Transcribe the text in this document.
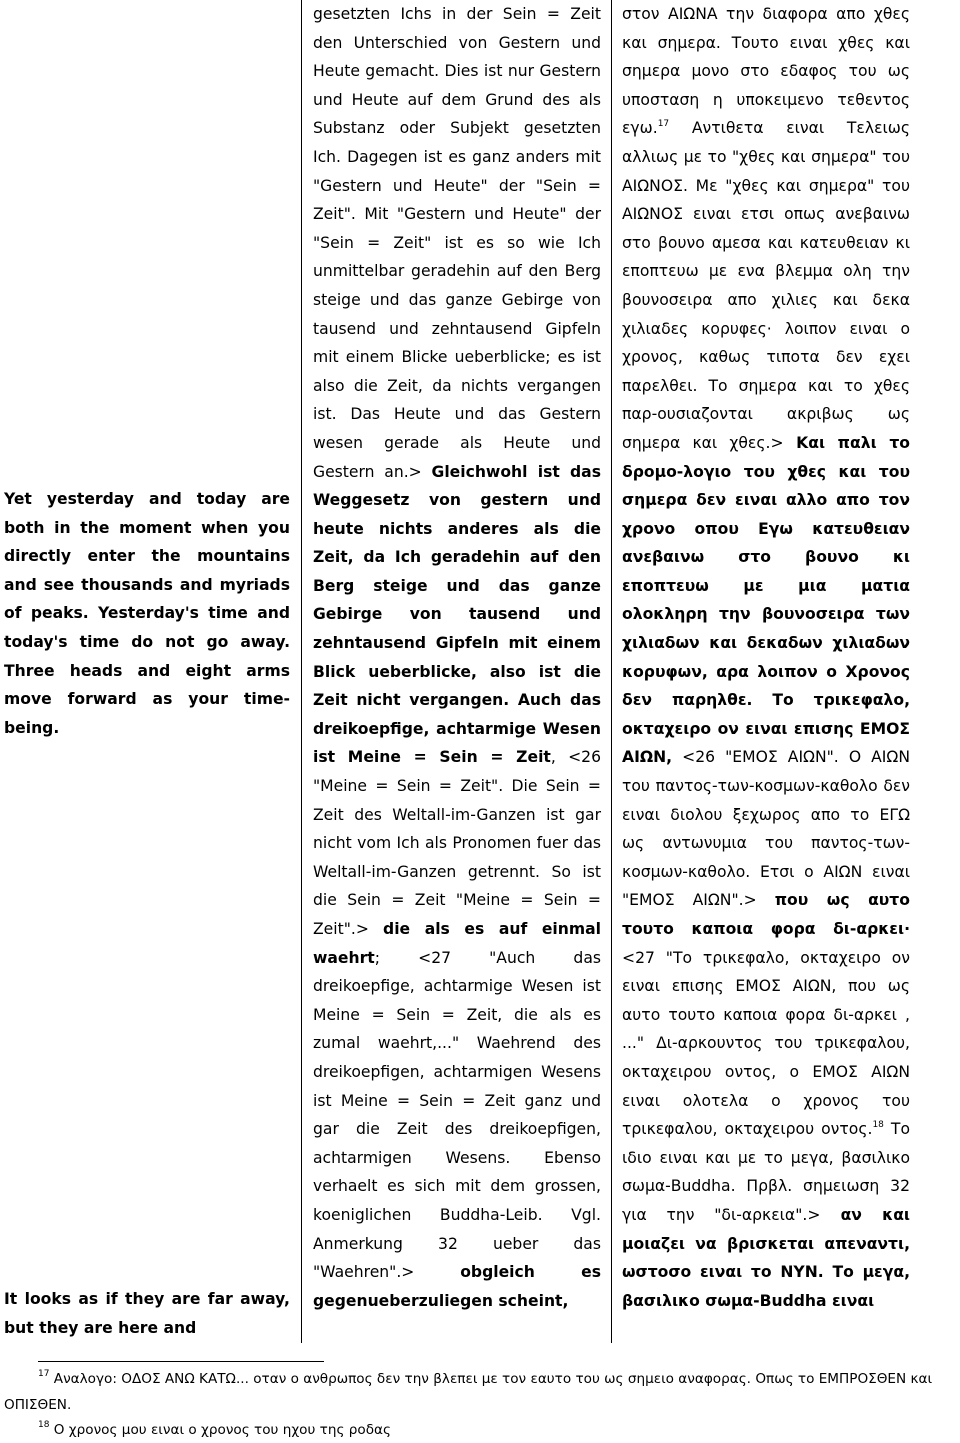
Yet yesterday and today are both in the moment when you directly enter the mountains and see thousands and myriads of peaks. Yesterday's time and today's time do not go away. Three heads and eight arms move forward as your time-being.

It looks as if they are far away, but they are here and

gesetzten Ichs in der Sein = Zeit den Unterschied von Gestern und Heute gemacht. Dies ist nur Gestern und Heute auf dem Grund des als Substanz oder Subjekt gesetzten Ich. Dagegen ist es ganz anders mit "Gestern und Heute" der "Sein = Zeit". Mit "Gestern und Heute" der "Sein = Zeit" ist es so wie Ich unmittelbar geradehin auf den Berg steige und das ganze Gebirge von tausend und zehntausend Gipfeln mit einem Blicke ueberblicke; es ist also die Zeit, da nichts vergangen ist. Das Heute und das Gestern wesen gerade als Heute und Gestern an.> Gleichwohl ist das Weggesetz von gestern und heute nichts anderes als die Zeit, da Ich geradehin auf den Berg steige und das ganze Gebirge von tausend und zehntausend Gipfeln mit einem Blick ueberblicke, also ist die Zeit nicht vergangen. Auch das dreikoepfige, achtarmige Wesen ist Meine = Sein = Zeit, <26 "Meine = Sein = Zeit". Die Sein = Zeit des Weltall-im-Ganzen ist gar nicht vom Ich als Pronomen fuer das Weltall-im-Ganzen getrennt. So ist die Sein = Zeit "Meine = Sein = Zeit".> die als es auf einmal waehrt; <27 "Auch das dreikoepfige, achtarmige Wesen ist Meine = Sein = Zeit, die als es zumal waehrt,..." Waehrend des dreikoepfigen, achtarmigen Wesens ist Meine = Sein = Zeit ganz und gar die Zeit des dreikoepfigen, achtarmigen Wesens. Ebenso verhaelt es sich mit dem grossen, koeniglichen Buddha-Leib. Vgl. Anmerkung 32 ueber das "Waehren".>	obgleich es gegenueberzuliegen scheint,

στον ΑΙΩΝΑ την διαφορα απο χθες και σημερα. Τουτο ειναι χθες και σημερα μονο στο εδαφος του ως υποσταση η υποκειμενο τεθεντος εγω.$^{17}$ Αντιθετα ειναι Τελειως αλλιως με το "χθες και σημερα" του ΑΙΩΝΟΣ. Με "χθες και σημερα" του ΑΙΩΝΟΣ ειναι ετσι οπως ανεβαινω στο βουνο αμεσα και κατευθειαν κι εποπτευω με ενα βλεμμα ολη την βουνοσειρα απο χιλιες και δεκα χιλιαδες κορυφες· λοιπον ειναι ο χρονος, καθως τιποτα δεν εχει παρελθει. Το σημερα και το χθες παρ-ουσιαζονται ακριβως ως σημερα και χθες.> Και παλι το δρομο-λογιο του χθες και του σημερα δεν ειναι αλλο απο τον χρονο οπου Εγω κατευθειαν ανεβαινω στο βουνο κι εποπτευω με μια ματια ολοκληρη την βουνοσειρα των χιλιαδων και δεκαδων χιλιαδων κορυφων, αρα λοιπον ο Χρονος δεν παρηλθε. Το τρικεφαλο, οκταχειρο ον ειναι επισης ΕΜΟΣ ΑΙΩΝ, <26 "ΕΜΟΣ ΑΙΩΝ". Ο ΑΙΩΝ του παντος-των-κοσμων-καθολο δεν ειναι διολου ξεχωρος απο το ΕΓΩ ως αντωνυμια του παντος-των-κοσμων-καθολο. Ετσι ο ΑΙΩΝ ειναι "ΕΜΟΣ ΑΙΩΝ".> που ως αυτο τουτο καποια φορα δι-αρκει· <27 "Το τρικεφαλο, οκταχειρο ον ειναι επισης ΕΜΟΣ ΑΙΩΝ, που ως αυτο τουτο καποια φορα δι-αρκει , ..." Δι-αρκουντος του τρικεφαλου, οκταχειρου οντος, ο ΕΜΟΣ ΑΙΩΝ ειναι ολοτελα ο χρονος του τρικεφαλου, οκταχειρου οντος.$^{18}$ Το ιδιο ειναι και με το μεγα, βασιλικο σωμα-Buddha. Πρβλ. σημειωση 32 για την "δι-αρκεια".> αν και μοιαζει να βρισκεται απεναντι, ωστοσο ειναι το ΝΥΝ. Το μεγα, βασιλικο σωμα-Buddha ειναι

$^{17}$ Αναλογο: ΟΔΟΣ ΑΝΩ ΚΑΤΩ... οταν ο ανθρωπος δεν την βλεπει με τον εαυτο του ως σημειο αναφορας. Οπως το ΕΜΠΡΟΣΘΕΝ και
ΟΠΙΣΘΕΝ.

$^{18}$ Ο χρονος μου ειναι ο χρονος του ηχου της ροδας
